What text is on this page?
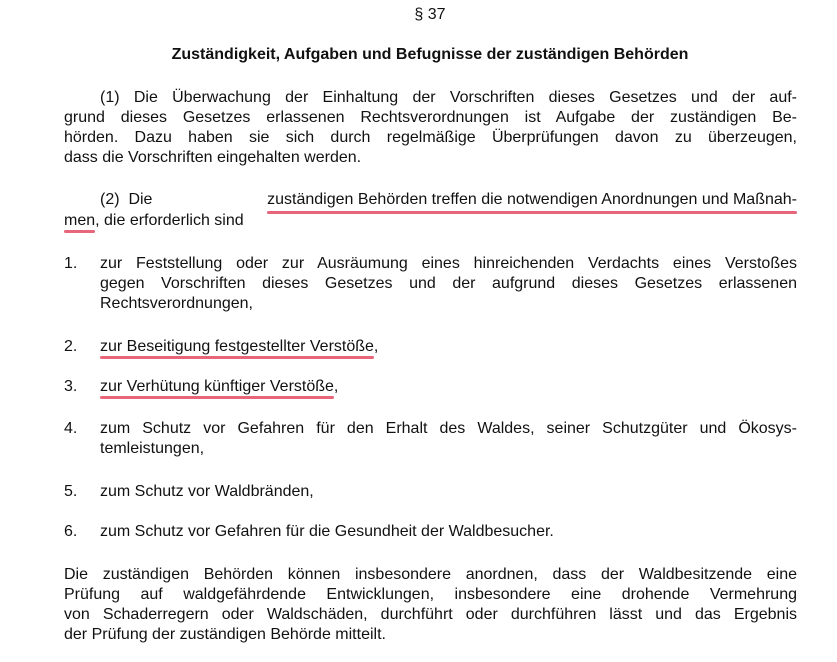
§ 37
Zuständigkeit, Aufgaben und Befugnisse der zuständigen Behörden
(1) Die Überwachung der Einhaltung der Vorschriften dieses Gesetzes und der auf-
grund dieses Gesetzes erlassenen Rechtsverordnungen ist Aufgabe der zuständigen Be-
hörden. Dazu haben sie sich durch regelmäßige Überprüfungen davon zu überzeugen,
dass die Vorschriften eingehalten werden.
(2)  Die	zuständigen Behörden treffen die notwendigen Anordnungen und Maßnah-
men, die erforderlich sind
1. zur Feststellung oder zur Ausräumung eines hinreichenden Verdachts eines Verstoßes
gegen Vorschriften dieses Gesetzes und der aufgrund dieses Gesetzes erlassenen
Rechtsverordnungen,
2. zur Beseitigung festgestellter Verstöße,
3. zur Verhütung künftiger Verstöße,
4. zum Schutz vor Gefahren für den Erhalt des Waldes, seiner Schutzgüter und Ökosys-
temleistungen,
5. zum Schutz vor Waldbränden,
6. zum Schutz vor Gefahren für die Gesundheit der Waldbesucher.
Die zuständigen Behörden können insbesondere anordnen, dass der Waldbesitzende eine
Prüfung auf waldgefährdende Entwicklungen, insbesondere eine drohende Vermehrung
von Schaderregern oder Waldschäden, durchführt oder durchführen lässt und das Ergebnis
der Prüfung der zuständigen Behörde mitteilt.
